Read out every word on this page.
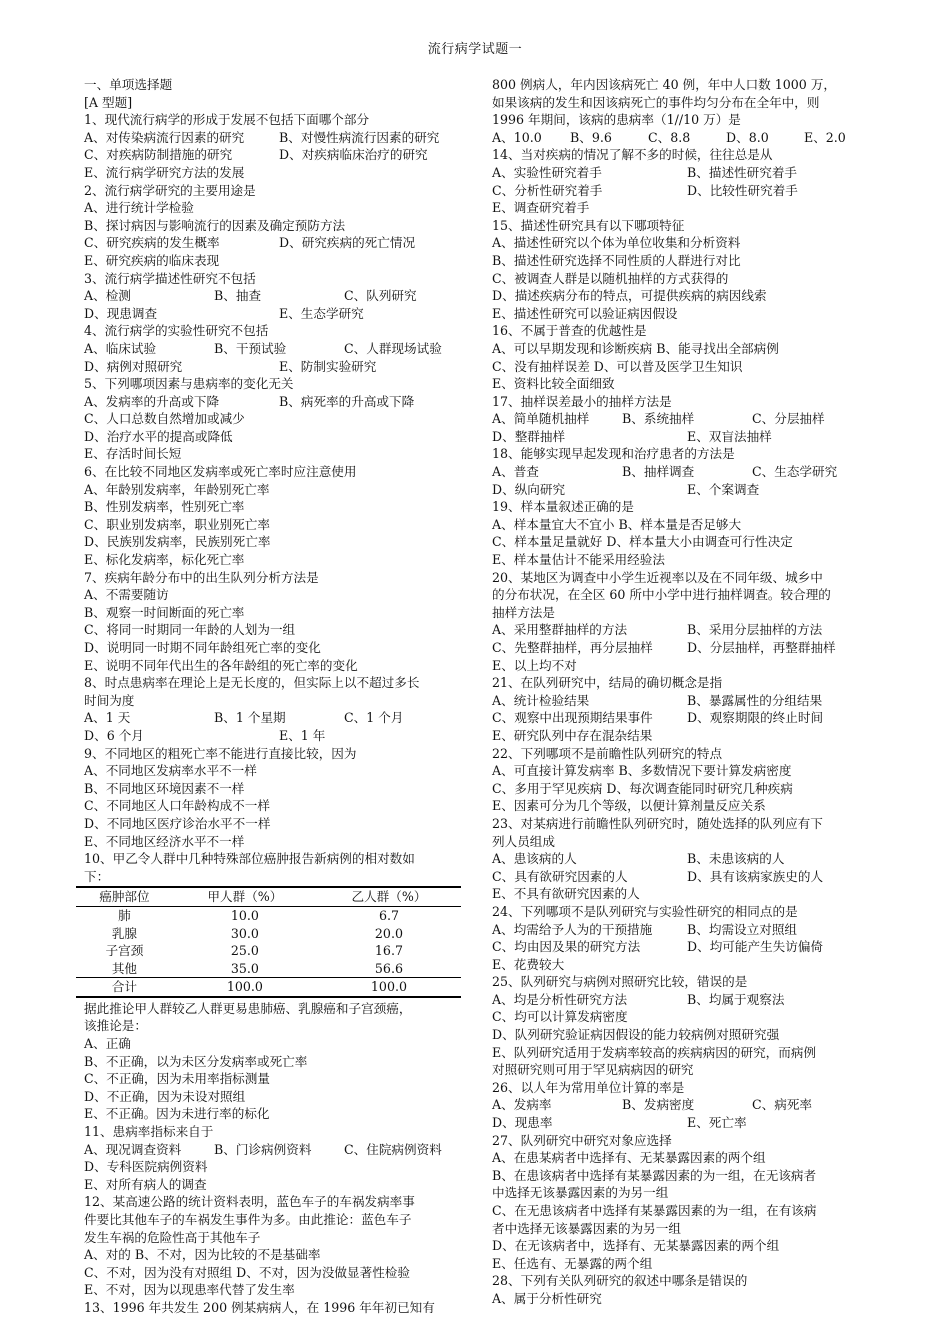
流行病学试题一
一、单项选择题
[A 型题]
1、现代流行病学的形成于发展不包括下面哪个部分
A、对传染病流行因素的研究	B、对慢性病流行因素的研究
C、对疾病防制措施的研究	D、对疾病临床治疗的研究
E、流行病学研究方法的发展
2、流行病学研究的主要用途是
A、进行统计学检验
B、探讨病因与影响流行的因素及确定预防方法
C、研究疾病的发生概率	D、研究疾病的死亡情况
E、研究疾病的临床表现
3、流行病学描述性研究不包括
A、检测	B、抽查	C、队列研究
D、现患调查	E、生态学研究
4、流行病学的实验性研究不包括
A、临床试验	B、干预试验	C、人群现场试验
D、病例对照研究	E、防制实验研究
5、下列哪项因素与患病率的变化无关
A、发病率的升高或下降	B、病死率的升高或下降
C、人口总数自然增加或减少
D、治疗水平的提高或降低
E、存活时间长短
6、在比较不同地区发病率或死亡率时应注意使用
A、年龄别发病率，年龄别死亡率
B、性别发病率，性别死亡率
C、职业别发病率，职业别死亡率
D、民族别发病率，民族别死亡率
E、标化发病率，标化死亡率
7、疾病年龄分布中的出生队列分析方法是
A、不需要随访
B、观察一时间断面的死亡率
C、将同一时期同一年龄的人划为一组
D、说明同一时期不同年龄组死亡率的变化
E、说明不同年代出生的各年龄组的死亡率的变化
8、时点患病率在理论上是无长度的，但实际上以不超过多长
时间为度
A、1 天	B、1 个星期	C、1 个月
D、6 个月	E、1 年
9、不同地区的粗死亡率不能进行直接比较，因为
A、不同地区发病率水平不一样
B、不同地区环境因素不一样
C、不同地区人口年龄构成不一样
D、不同地区医疗诊治水平不一样
E、不同地区经济水平不一样
10、甲乙令人群中几种特殊部位癌肿报告新病例的相对数如
下：
癌肿部位	甲人群（%）	乙人群（%）
肺	10.0	6.7
乳腺	30.0	20.0
子宫颈	25.0	16.7
其他	35.0	56.6
合计	100.0	100.0
据此推论甲人群较乙人群更易患肺癌、乳腺癌和子宫颈癌，
该推论是：
A、正确
B、不正确，以为未区分发病率或死亡率
C、不正确，因为未用率指标测量
D、不正确，因为未设对照组
E、不正确。因为未进行率的标化
11、患病率指标来自于
A、现况调查资料	B、门诊病例资料	C、住院病例资料
D、专科医院病例资料
E、对所有病人的调查
12、某高速公路的统计资料表明，蓝色车子的车祸发病率事
件要比其他车子的车祸发生事件为多。由此推论：蓝色车子
发生车祸的危险性高于其他车子
A、对的 B、不对，因为比较的不是基础率
C、不对，因为没有对照组 D、不对，因为没做显著性检验
E、不对，因为以现患率代替了发生率
13、1996 年共发生 200 例某病病人，在 1996 年年初已知有
800 例病人，年内因该病死亡 40 例，年中人口数 1000 万，
如果该病的发生和因该病死亡的事件均匀分布在全年中，则
1996 年期间，该病的患病率（1//10 万）是
A、10.0	B、9.6	C、8.8	D、8.0	E、2.0
14、当对疾病的情况了解不多的时候，往往总是从
A、实验性研究着手	B、描述性研究着手
C、分析性研究着手	D、比较性研究着手
E、调查研究着手
15、描述性研究具有以下哪项特征
A、描述性研究以个体为单位收集和分析资料
B、描述性研究选择不同性质的人群进行对比
C、被调查人群是以随机抽样的方式获得的
D、描述疾病分布的特点，可提供疾病的病因线索
E、描述性研究可以验证病因假设
16、不属于普查的优越性是
A、可以早期发现和诊断疾病 B、能寻找出全部病例
C、没有抽样误差 D、可以普及医学卫生知识
E、资料比较全面细致
17、抽样误差最小的抽样方法是
A、简单随机抽样	B、系统抽样	C、分层抽样
D、整群抽样	E、双盲法抽样
18、能够实现早起发现和治疗患者的方法是
A、普查	B、抽样调查	C、生态学研究
D、纵向研究	E、个案调查
19、样本量叙述正确的是
A、样本量宜大不宜小 B、样本量是否足够大
C、样本量足量就好 D、样本量大小由调查可行性决定
E、样本量估计不能采用经验法
20、某地区为调查中小学生近视率以及在不同年级、城乡中
的分布状况，在全区 60 所中小学中进行抽样调查。较合理的
抽样方法是
A、采用整群抽样的方法	B、采用分层抽样的方法
C、先整群抽样，再分层抽样	D、分层抽样，再整群抽样
E、以上均不对
21、在队列研究中，结局的确切概念是指
A、统计检验结果	B、暴露属性的分组结果
C、观察中出现预期结果事件	D、观察期限的终止时间
E、研究队列中存在混杂结果
22、下列哪项不是前瞻性队列研究的特点
A、可直接计算发病率 B、多数情况下要计算发病密度
C、多用于罕见疾病 D、每次调查能同时研究几种疾病
E、因素可分为几个等级，以便计算剂量反应关系
23、对某病进行前瞻性队列研究时，随处选择的队列应有下
列人员组成
A、患该病的人	B、未患该病的人
C、具有欲研究因素的人	D、具有该病家族史的人
E、不具有欲研究因素的人
24、下列哪项不是队列研究与实验性研究的相同点的是
A、均需给予人为的干预措施	B、均需设立对照组
C、均由因及果的研究方法	D、均可能产生失访偏倚
E、花费较大
25、队列研究与病例对照研究比较，错误的是
A、均是分析性研究方法	B、均属于观察法
C、均可以计算发病密度
D、队列研究验证病因假设的能力较病例对照研究强
E、队列研究适用于发病率较高的疾病病因的研究，而病例
对照研究则可用于罕见病病因的研究
26、以人年为常用单位计算的率是
A、发病率	B、发病密度	C、病死率
D、现患率	E、死亡率
27、队列研究中研究对象应选择
A、在患某病者中选择有、无某暴露因素的两个组
B、在患该病者中选择有某暴露因素的为一组，在无该病者
中选择无该暴露因素的为另一组
C、在无患该病者中选择有某暴露因素的为一组，在有该病
者中选择无该暴露因素的为另一组
D、在无该病者中，选择有、无某暴露因素的两个组
E、任选有、无暴露的两个组
28、下列有关队列研究的叙述中哪条是错误的
A、属于分析性研究
